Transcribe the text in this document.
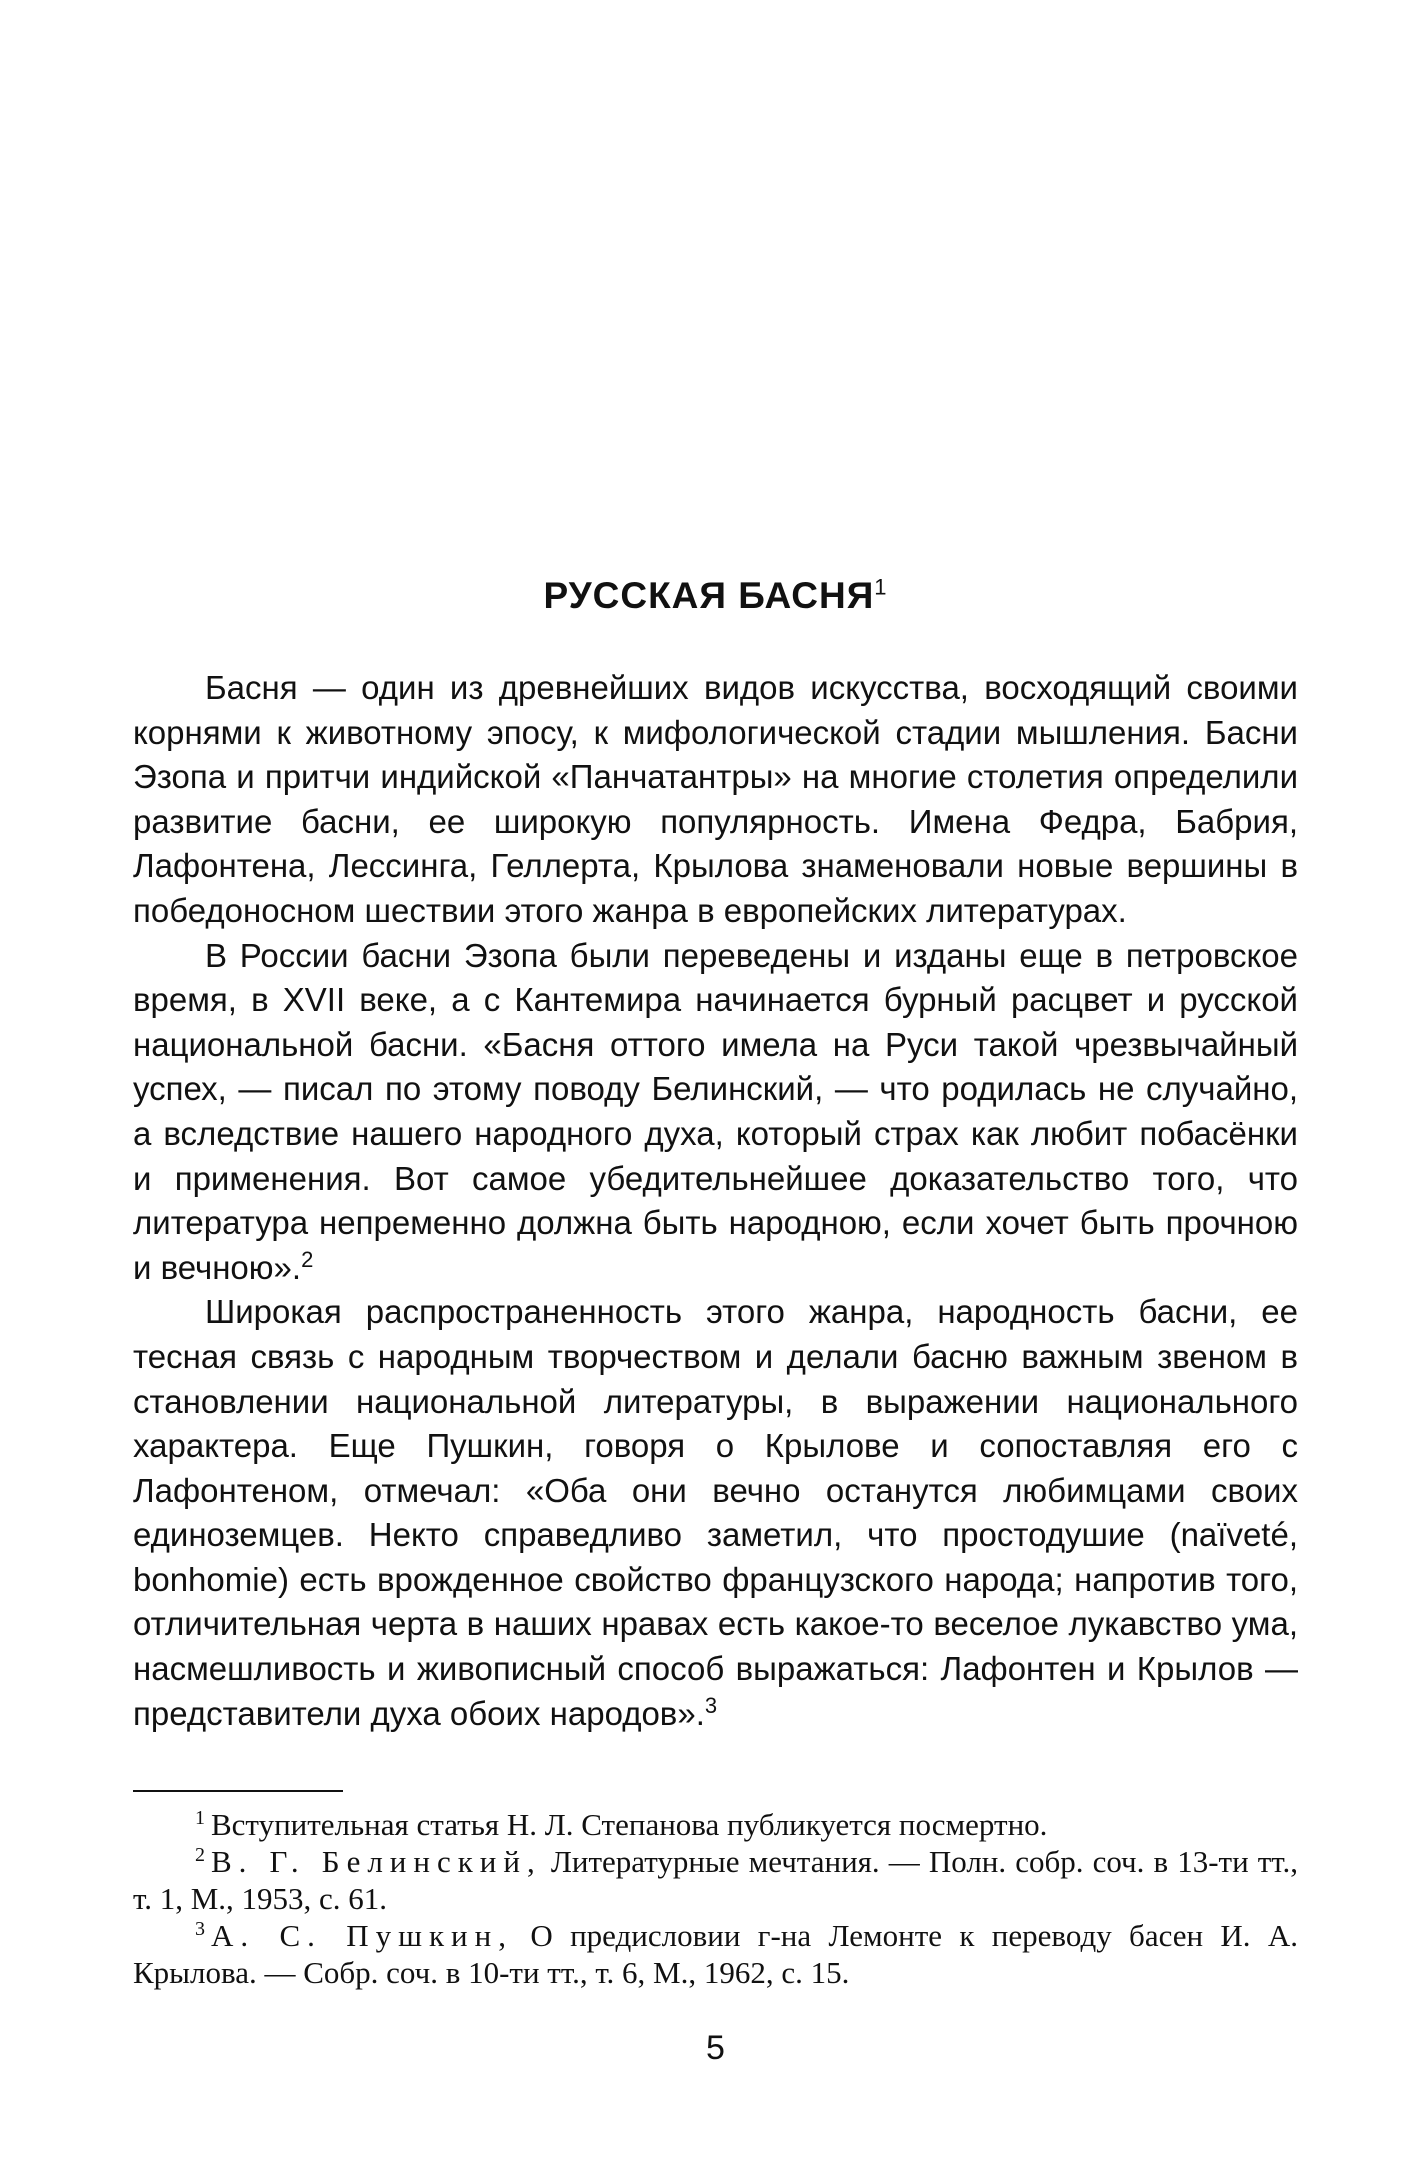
РУССКАЯ БАСНЯ$^1$

Басня — один из древнейших видов искусства, восходящий своими корнями к животному эпосу, к мифологической стадии мышления. Басни Эзопа и притчи индийской «Панчатантры» на многие столетия определили развитие басни, ее широкую популярность. Имена Федра, Бабрия, Лафонтена, Лессинга, Геллерта, Крылова знаменовали новые вершины в победоносном шествии этого жанра в европейских литературах.

В России басни Эзопа были переведены и изданы еще в петровское время, в XVII веке, а с Кантемира начинается бурный расцвет и русской национальной басни. «Басня оттого имела на Руси такой чрезвычайный успех, — писал по этому поводу Белинский, — что родилась не случайно, а вследствие нашего народного духа, который страх как любит побасёнки и применения. Вот самое убедительнейшее доказательство того, что литература непременно должна быть народною, если хочет быть прочною и вечною».$^2$

Широкая распространенность этого жанра, народность басни, ее тесная связь с народным творчеством и делали басню важным звеном в становлении национальной литературы, в выражении национального характера. Еще Пушкин, говоря о Крылове и сопоставляя его с Лафонтеном, отмечал: «Оба они вечно останутся любимцами своих единоземцев. Некто справедливо заметил, что простодушие (naïveté, bonhomie) есть врожденное свойство французского народа; напротив того, отличительная черта в наших нравах есть какое-то веселое лукавство ума, насмешливость и живописный способ выражаться: Лафонтен и Крылов — представители духа обоих народов».$^3$

$^1$ Вступительная статья Н. Л. Степанова публикуется посмертно.

$^2$ В. Г. Белинский, Литературные мечтания. — Полн. собр. соч. в 13-ти тт., т. 1, М., 1953, с. 61.

$^3$ А. С. Пушкин, О предисловии г-на Лемонте к переводу басен И. А. Крылова. — Собр. соч. в 10-ти тт., т. 6, М., 1962, с. 15.

5
